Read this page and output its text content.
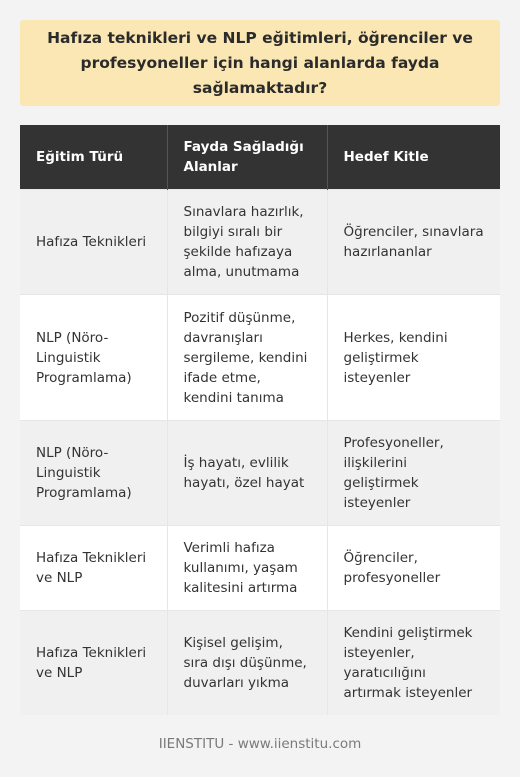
Hafıza teknikleri ve NLP eğitimleri, öğrenciler ve profesyoneller için hangi alanlarda fayda sağlamaktadır?
Eğitim Türü	Fayda Sağladığı Alanlar	Hedef Kitle
Hafıza Teknikleri	Sınavlara hazırlık, bilgiyi sıralı bir şekilde hafızaya alma, unutmama	Öğrenciler, sınavlara hazırlananlar
NLP (Nöro-Linguistik Programlama)	Pozitif düşünme, davranışları sergileme, kendini ifade etme, kendini tanıma	Herkes, kendini geliştirmek isteyenler
NLP (Nöro-Linguistik Programlama)	İş hayatı, evlilik hayatı, özel hayat	Profesyoneller, ilişkilerini geliştirmek isteyenler
Hafıza Teknikleri ve NLP	Verimli hafıza kullanımı, yaşam kalitesini artırma	Öğrenciler, profesyoneller
Hafıza Teknikleri ve NLP	Kişisel gelişim, sıra dışı düşünme, duvarları yıkma	Kendini geliştirmek isteyenler, yaratıcılığını artırmak isteyenler
IIENSTITU - www.iienstitu.com
